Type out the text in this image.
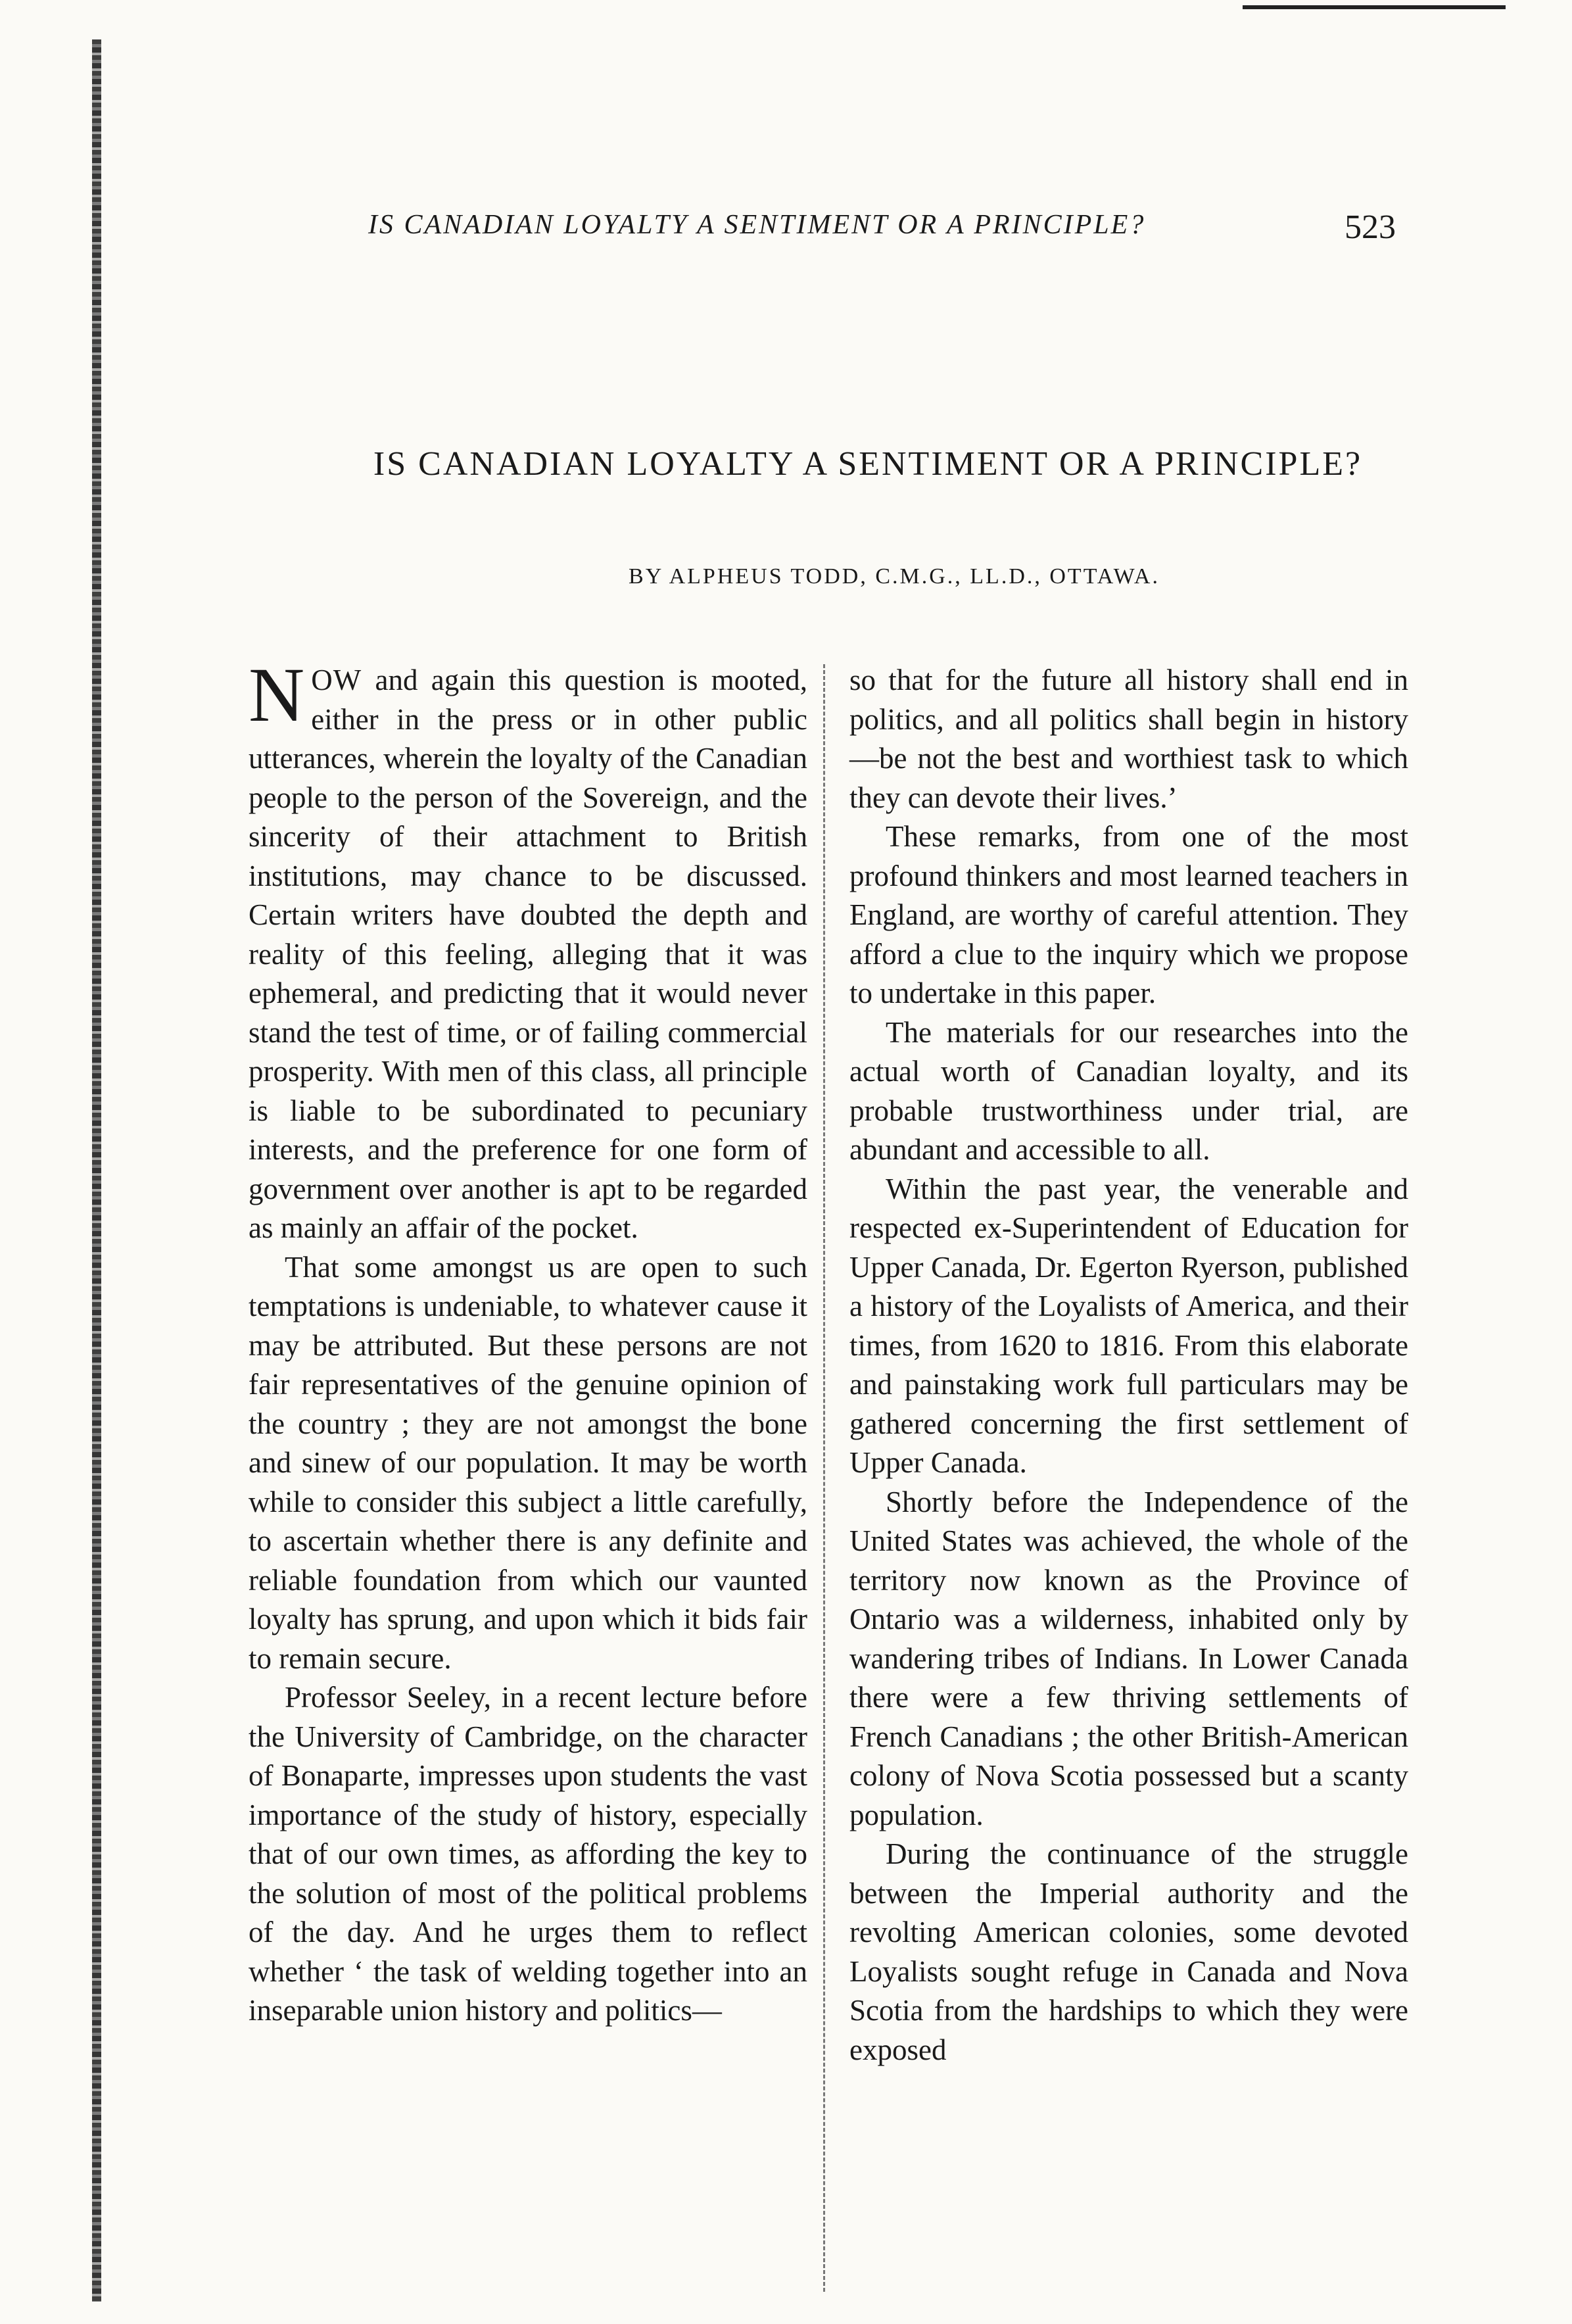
IS CANADIAN LOYALTY A SENTIMENT OR A PRINCIPLE?	523
IS CANADIAN LOYALTY A SENTIMENT OR A PRINCIPLE?
BY ALPHEUS TODD, C.M.G., LL.D., OTTAWA.

NOW and again this question is mooted, either in the press or in other public utterances, wherein the loyalty of the Canadian people to the person of the Sovereign, and the sincerity of their attachment to British institutions, may chance to be discussed. Certain writers have doubted the depth and reality of this feeling, alleging that it was ephemeral, and predicting that it would never stand the test of time, or of failing commercial prosperity. With men of this class, all principle is liable to be subordinated to pecuniary interests, and the preference for one form of government over another is apt to be regarded as mainly an affair of the pocket.

That some amongst us are open to such temptations is undeniable, to whatever cause it may be attributed. But these persons are not fair representatives of the genuine opinion of the country ; they are not amongst the bone and sinew of our population. It may be worth while to consider this subject a little carefully, to ascertain whether there is any definite and reliable foundation from which our vaunted loyalty has sprung, and upon which it bids fair to remain secure.

Professor Seeley, in a recent lecture before the University of Cambridge, on the character of Bonaparte, impresses upon students the vast importance of the study of history, especially that of our own times, as affording the key to the solution of most of the political problems of the day. And he urges them to reflect whether ‘ the task of welding together into an inseparable union history and politics—

so that for the future all history shall end in politics, and all politics shall begin in history—be not the best and worthiest task to which they can devote their lives.’

These remarks, from one of the most profound thinkers and most learned teachers in England, are worthy of careful attention. They afford a clue to the inquiry which we propose to undertake in this paper.

The materials for our researches into the actual worth of Canadian loyalty, and its probable trustworthiness under trial, are abundant and accessible to all.

Within the past year, the venerable and respected ex-Superintendent of Education for Upper Canada, Dr. Egerton Ryerson, published a history of the Loyalists of America, and their times, from 1620 to 1816. From this elaborate and painstaking work full particulars may be gathered concerning the first settlement of Upper Canada.

Shortly before the Independence of the United States was achieved, the whole of the territory now known as the Province of Ontario was a wilderness, inhabited only by wandering tribes of Indians. In Lower Canada there were a few thriving settlements of French Canadians ; the other British-American colony of Nova Scotia possessed but a scanty population.

During the continuance of the struggle between the Imperial authority and the revolting American colonies, some devoted Loyalists sought refuge in Canada and Nova Scotia from the hardships to which they were exposed
